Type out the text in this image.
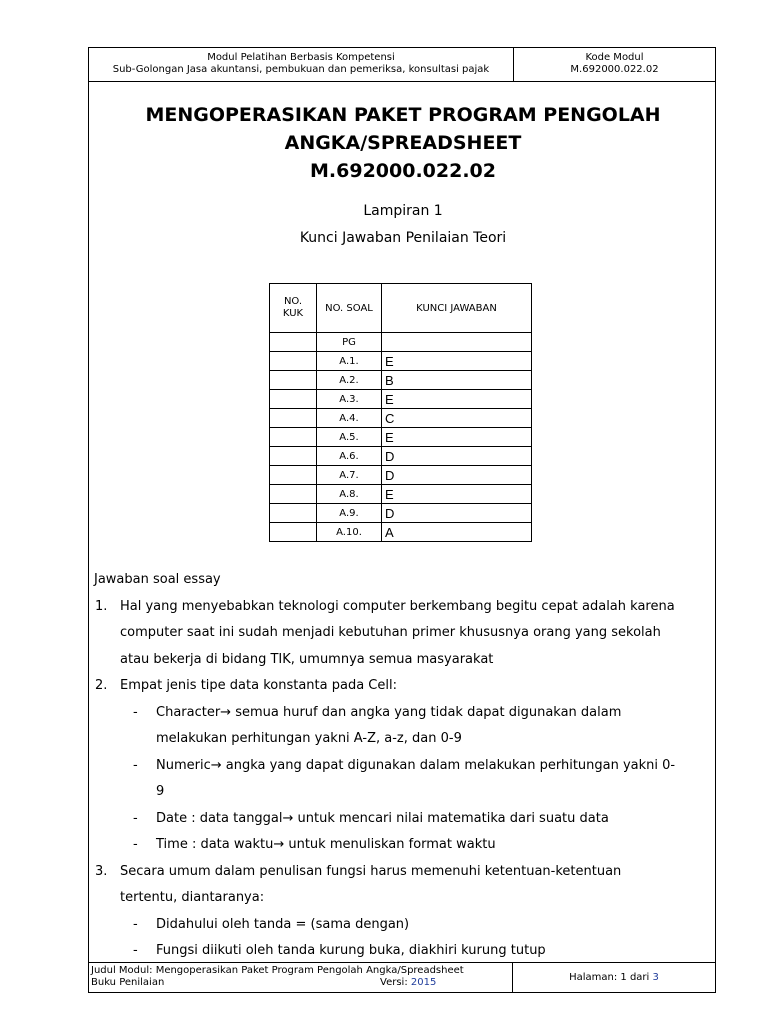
Modul Pelatihan Berbasis Kompetensi
Sub-Golongan Jasa akuntansi, pembukuan dan pemeriksa, konsultasi pajak
Kode Modul
M.692000.022.02
MENGOPERASIKAN PAKET PROGRAM PENGOLAH
ANGKA/SPREADSHEET
M.692000.022.02
Lampiran 1
Kunci Jawaban Penilaian Teori
NO. KUK	NO. SOAL	KUNCI JAWABAN
	PG	
	A.1.	E
	A.2.	B
	A.3.	E
	A.4.	C
	A.5.	E
	A.6.	D
	A.7.	D
	A.8.	E
	A.9.	D
	A.10.	A
Jawaban soal essay
1. Hal yang menyebabkan teknologi computer berkembang begitu cepat adalah karena
computer saat ini sudah menjadi kebutuhan primer khususnya orang yang sekolah
atau bekerja di bidang TIK, umumnya semua masyarakat
2. Empat jenis tipe data konstanta pada Cell:
- Character→ semua huruf dan angka yang tidak dapat digunakan dalam
melakukan perhitungan yakni A-Z, a-z, dan 0-9
- Numeric→ angka yang dapat digunakan dalam melakukan perhitungan yakni 0-
9
- Date : data tanggal→ untuk mencari nilai matematika dari suatu data
- Time : data waktu→ untuk menuliskan format waktu
3. Secara umum dalam penulisan fungsi harus memenuhi ketentuan-ketentuan
tertentu, diantaranya:
- Didahului oleh tanda = (sama dengan)
- Fungsi diikuti oleh tanda kurung buka, diakhiri kurung tutup
Judul Modul: Mengoperasikan Paket Program Pengolah Angka/Spreadsheet
Buku Penilaian	Versi: 2015	Halaman: 1 dari 3
